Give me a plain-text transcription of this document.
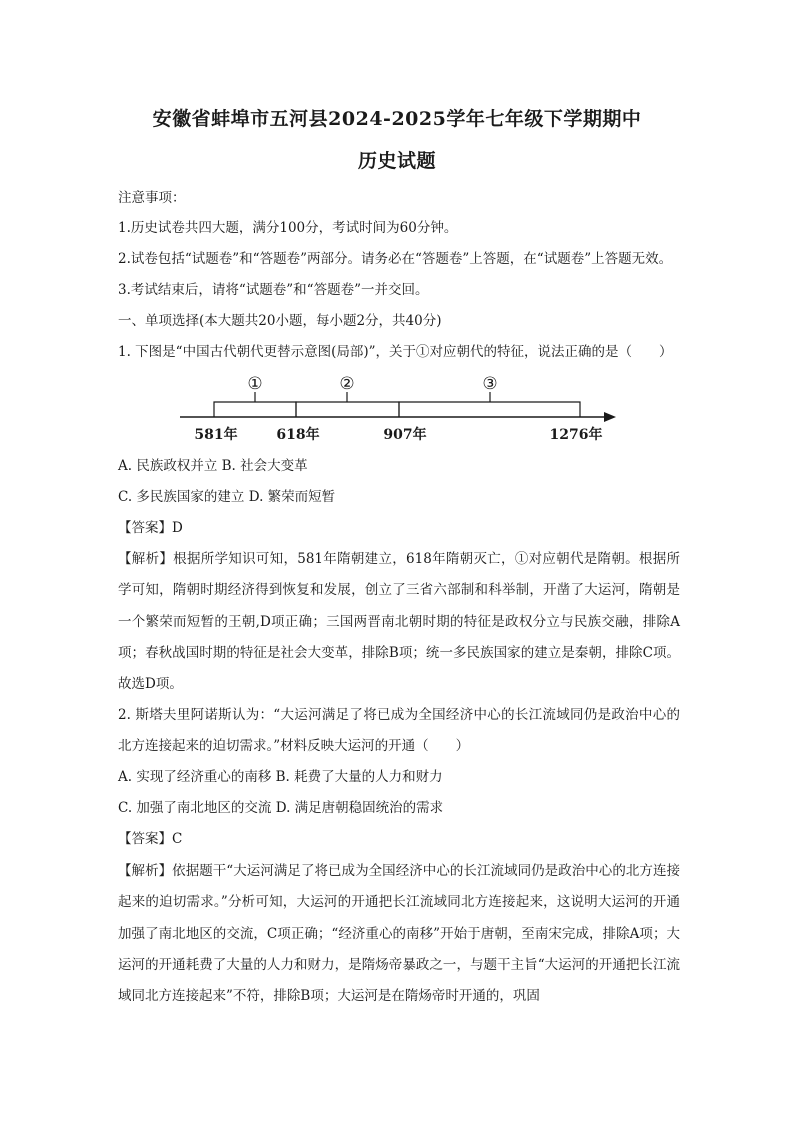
安徽省蚌埠市五河县2024-2025学年七年级下学期期中
历史试题
注意事项：
1.历史试卷共四大题，满分100分，考试时间为60分钟。
2.试卷包括“试题卷”和“答题卷”两部分。请务必在“答题卷”上答题，在“试题卷”上答题无效。
3.考试结束后，请将“试题卷”和“答题卷”一并交回。
一、单项选择(本大题共20小题，每小题2分，共40分)
1. 下图是“中国古代朝代更替示意图(局部)”，关于①对应朝代的特征，说法正确的是（　　）
①	②	③
581年	618年	907年	1276年
A. 民族政权并立 B. 社会大变革
C. 多民族国家的建立 D. 繁荣而短暂
【答案】D
【解析】根据所学知识可知，581年隋朝建立，618年隋朝灭亡，①对应朝代是隋朝。根据所学可知，隋朝时期经济得到恢复和发展，创立了三省六部制和科举制，开凿了大运河，隋朝是一个繁荣而短暂的王朝,D项正确；三国两晋南北朝时期的特征是政权分立与民族交融，排除A项；春秋战国时期的特征是社会大变革，排除B项；统一多民族国家的建立是秦朝，排除C项。故选D项。
2. 斯塔夫里阿诺斯认为：“大运河满足了将已成为全国经济中心的长江流域同仍是政治中心的北方连接起来的迫切需求。”材料反映大运河的开通（　　）
A. 实现了经济重心的南移 B. 耗费了大量的人力和财力
C. 加强了南北地区的交流 D. 满足唐朝稳固统治的需求
【答案】C
【解析】依据题干“大运河满足了将已成为全国经济中心的长江流域同仍是政治中心的北方连接起来的迫切需求。”分析可知，大运河的开通把长江流域同北方连接起来，这说明大运河的开通加强了南北地区的交流，C项正确；“经济重心的南移”开始于唐朝，至南宋完成，排除A项；大运河的开通耗费了大量的人力和财力，是隋炀帝暴政之一，与题干主旨“大运河的开通把长江流域同北方连接起来”不符，排除B项；大运河是在隋炀帝时开通的，巩固
